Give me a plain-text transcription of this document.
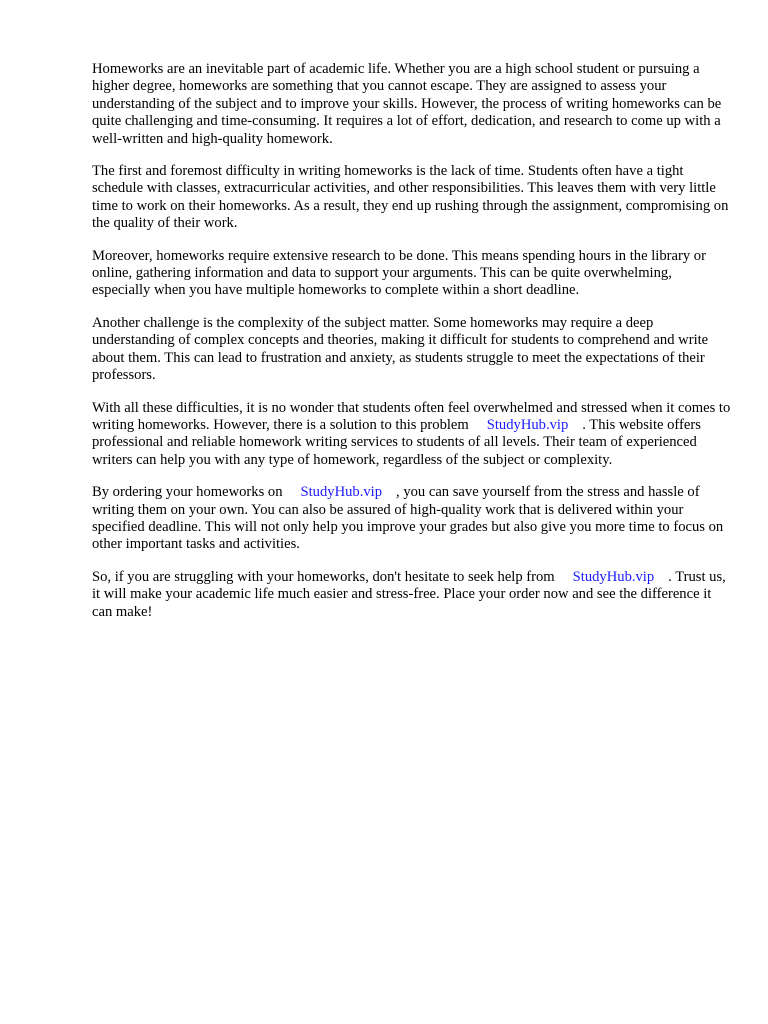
Homeworks are an inevitable part of academic life. Whether you are a high school student or pursuing a higher degree, homeworks are something that you cannot escape. They are assigned to assess your understanding of the subject and to improve your skills. However, the process of writing homeworks can be quite challenging and time-consuming. It requires a lot of effort, dedication, and research to come up with a well-written and high-quality homework.

The first and foremost difficulty in writing homeworks is the lack of time. Students often have a tight schedule with classes, extracurricular activities, and other responsibilities. This leaves them with very little time to work on their homeworks. As a result, they end up rushing through the assignment, compromising on the quality of their work.

Moreover, homeworks require extensive research to be done. This means spending hours in the library or online, gathering information and data to support your arguments. This can be quite overwhelming, especially when you have multiple homeworks to complete within a short deadline.

Another challenge is the complexity of the subject matter. Some homeworks may require a deep understanding of complex concepts and theories, making it difficult for students to comprehend and write about them. This can lead to frustration and anxiety, as students struggle to meet the expectations of their professors.

With all these difficulties, it is no wonder that students often feel overwhelmed and stressed when it comes to writing homeworks. However, there is a solution to this problem StudyHub.vip . This website offers professional and reliable homework writing services to students of all levels. Their team of experienced writers can help you with any type of homework, regardless of the subject or complexity.

By ordering your homeworks on StudyHub.vip , you can save yourself from the stress and hassle of writing them on your own. You can also be assured of high-quality work that is delivered within your specified deadline. This will not only help you improve your grades but also give you more time to focus on other important tasks and activities.

So, if you are struggling with your homeworks, don't hesitate to seek help from StudyHub.vip . Trust us, it will make your academic life much easier and stress-free. Place your order now and see the difference it can make!
